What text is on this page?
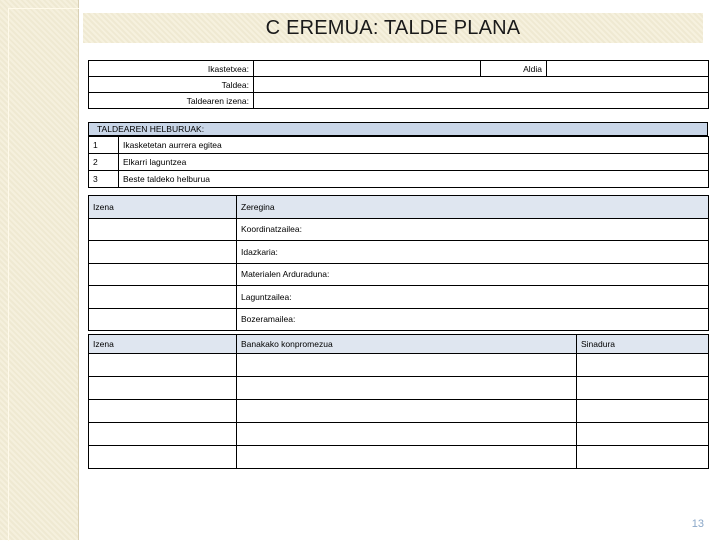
C EREMUA: TALDE PLANA
Ikastetxea:		Aldia	
Taldea:			
Taldearen izena:			
TALDEAREN HELBURUAK:
1	Ikasketetan aurrera egitea
2	Elkarri laguntzea
3	Beste taldeko helburua
Izena	Zeregina
	Koordinatzailea:
	Idazkaria:
	Materialen Arduraduna:
	Laguntzailea:
	Bozeramailea:
Izena	Banakako konpromezua	Sinadura

13
